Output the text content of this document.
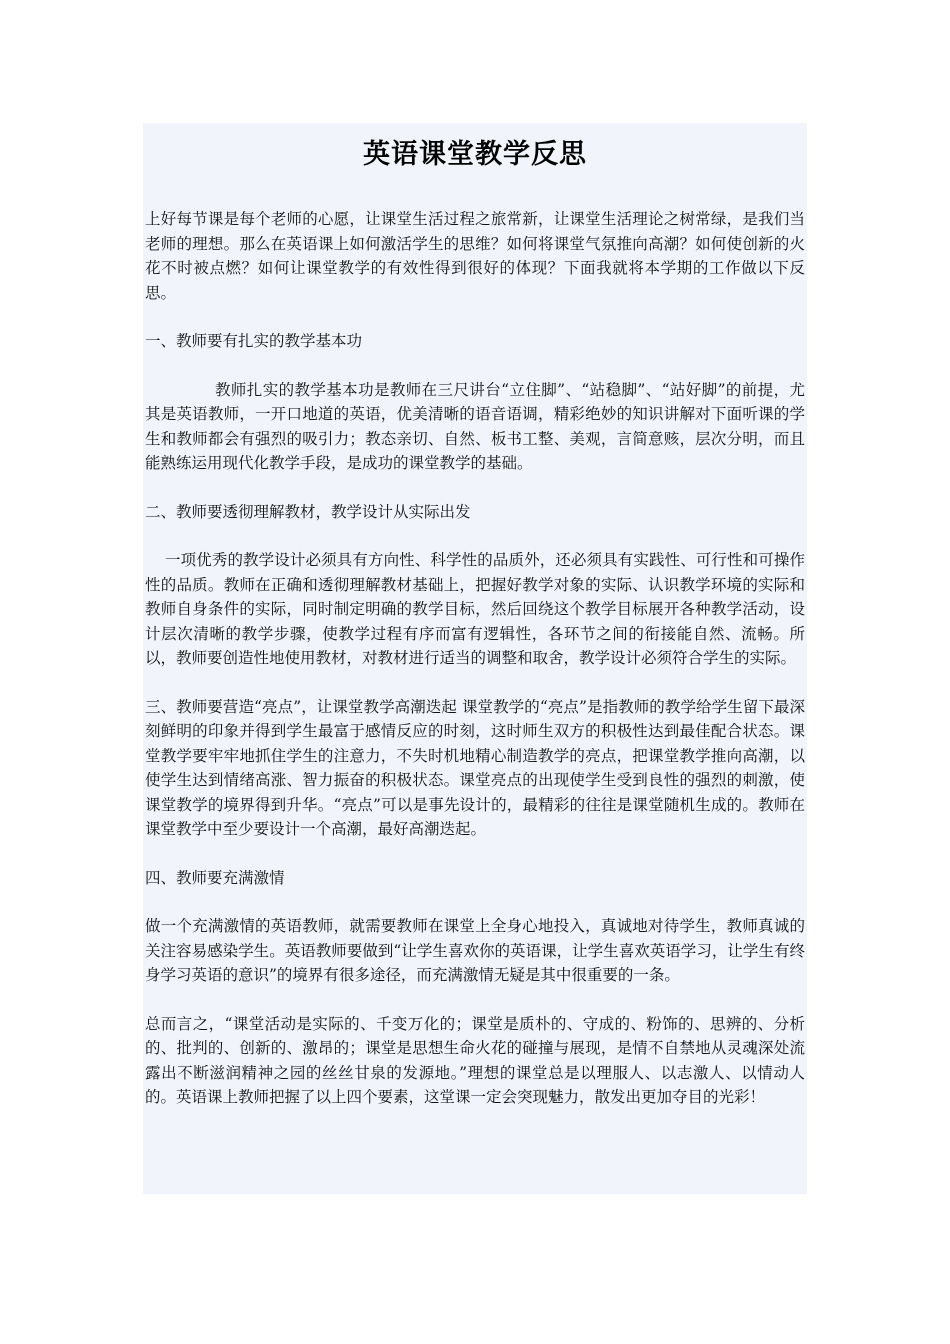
英语课堂教学反思

上好每节课是每个老师的心愿，让课堂生活过程之旅常新，让课堂生活理论之树常绿，是我们当老师的理想。那么在英语课上如何激活学生的思维？如何将课堂气氛推向高潮？如何使创新的火花不时被点燃？如何让课堂教学的有效性得到很好的体现？下面我就将本学期的工作做以下反思。

一、教师要有扎实的教学基本功

教师扎实的教学基本功是教师在三尺讲台“立住脚”、“站稳脚”、“站好脚”的前提，尤其是英语教师，一开口地道的英语，优美清晰的语音语调，精彩绝妙的知识讲解对下面听课的学生和教师都会有强烈的吸引力；教态亲切、自然、板书工整、美观，言简意赅，层次分明，而且 能熟练运用现代化教学手段，是成功的课堂教学的基础。

二、教师要透彻理解教材，教学设计从实际出发

一项优秀的教学设计必须具有方向性、科学性的品质外，还必须具有实践性、可行性和可操作性的品质。教师在正确和透彻理解教材基础上，把握好教学对象的实际、认识教学环境的实际和教师自身条件的实际，同时制定明确的教学目标，然后回绕这个教学目标展开各种教学活动，设计层次清晰的教学步骤，使教学过程有序而富有逻辑性，各环节之间的衔接能自然、流畅。所以，教师要创造性地使用教材，对教材进行适当的调整和取舍，教学设计必须符合学生的实际。

三、教师要营造“亮点”，让课堂教学高潮迭起 课堂教学的“亮点”是指教师的教学给学生留下最深刻鲜明的印象并得到学生最富于感情反应的时刻，这时师生双方的积极性达到最佳配合状态。课堂教学要牢牢地抓住学生的注意力，不失时机地精心制造教学的亮点，把课堂教学推向高潮，以使学生达到情绪高涨、智力振奋的积极状态。课堂亮点的出现使学生受到良性的强烈的刺激，使课堂教学的境界得到升华。“亮点”可以是事先设计的，最精彩的往往是课堂随机生成的。教师在课堂教学中至少要设计一个高潮，最好高潮迭起。

四、教师要充满激情

做一个充满激情的英语教师，就需要教师在课堂上全身心地投入，真诚地对待学生，教师真诚的关注容易感染学生。英语教师要做到“让学生喜欢你的英语课，让学生喜欢英语学习，让学生有终身学习英语的意识”的境界有很多途径，而充满激情无疑是其中很重要的一条。

总而言之，“课堂活动是实际的、千变万化的；课堂是质朴的、守成的、粉饰的、思辨的、分析的、批判的、创新的、激昂的；课堂是思想生命火花的碰撞与展现，是情不自禁地从灵魂深处流露出不断滋润精神之园的丝丝甘泉的发源地。”理想的课堂总是以理服人、以志激人、以情动人的。英语课上教师把握了以上四个要素，这堂课一定会突现魅力，散发出更加夺目的光彩！
